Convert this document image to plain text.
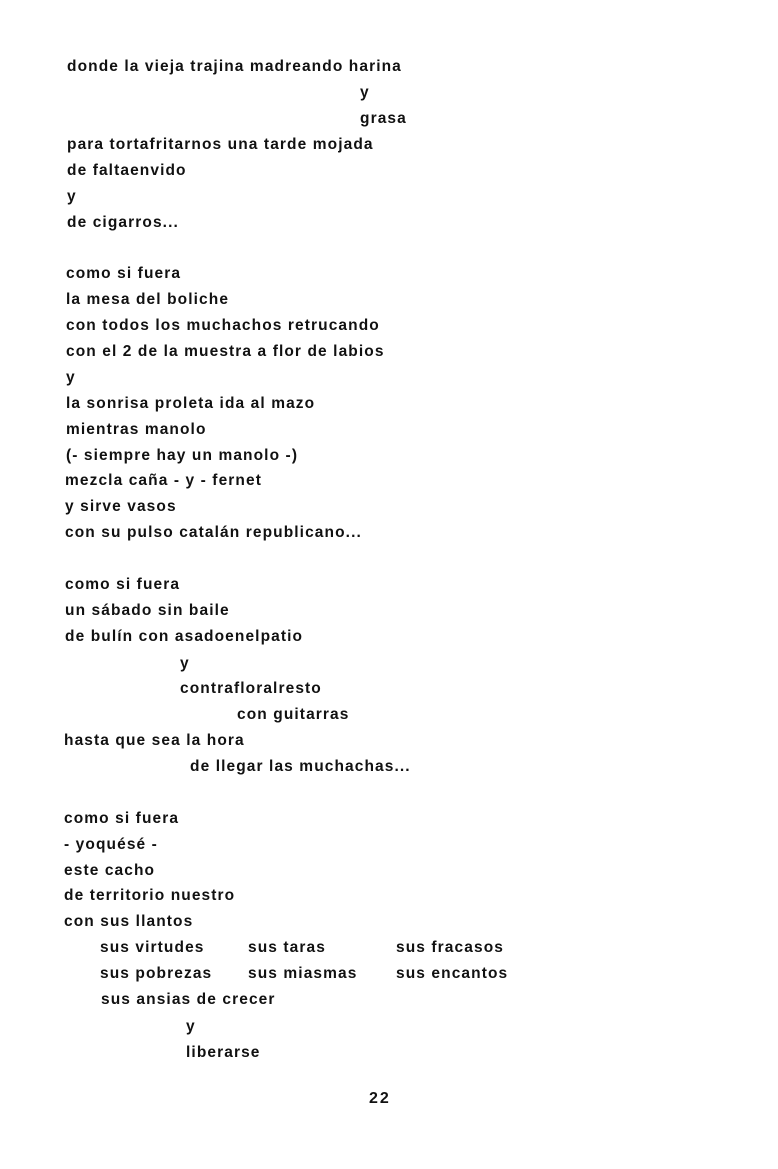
donde la vieja trajina madreando harina
y
grasa
para tortafritarnos una tarde mojada
de faltaenvido
y
de cigarros...
como si fuera
la mesa del boliche
con todos los muchachos retrucando
con el 2 de la muestra a flor de labios
y
la sonrisa proleta ida al mazo
mientras manolo
(- siempre hay un manolo -)
mezcla caña - y - fernet
y sirve vasos
con su pulso catalán republicano...
como si fuera
un sábado sin baile
de bulín con asadoenelpatio
y
contrafloralresto
con guitarras
hasta que sea la hora
de llegar las muchachas...
como si fuera
- yoquésé -
este cacho
de territorio nuestro
con sus llantos
sus virtudes	sus taras	sus fracasos
sus pobrezas sus miasmas sus encantos
sus ansias de crecer
y
liberarse
22
